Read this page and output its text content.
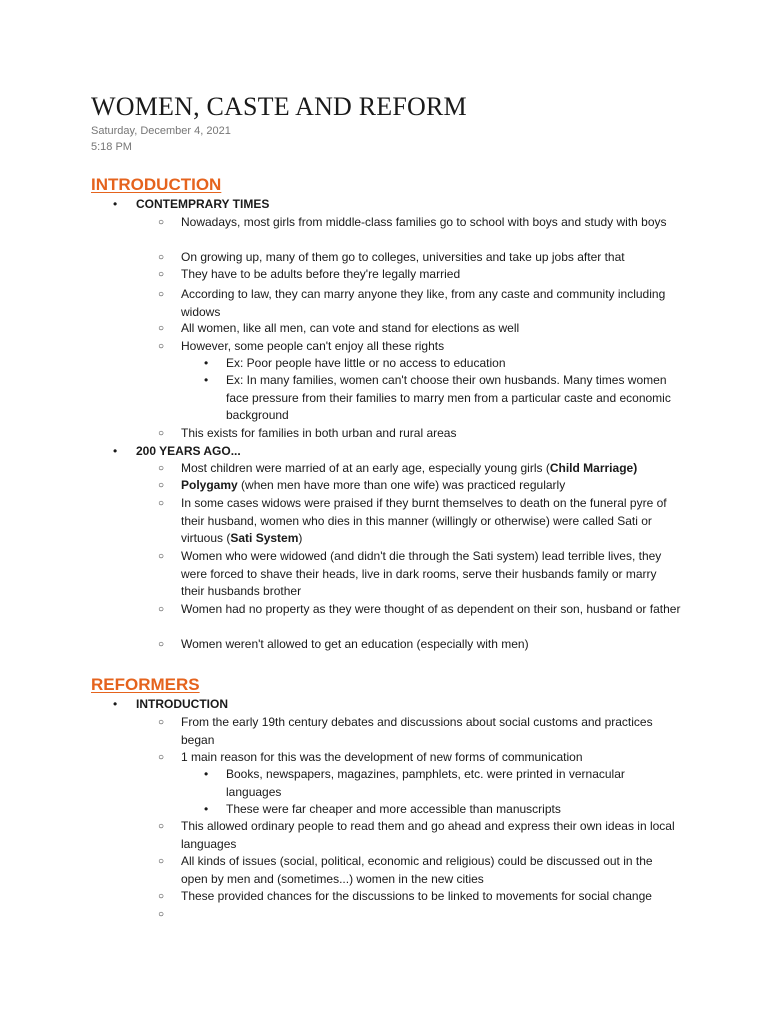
WOMEN, CASTE AND REFORM
Saturday, December 4, 2021
5:18 PM
INTRODUCTION
• CONTEMPRARY TIMES
○ Nowadays, most girls from middle-class families go to school with boys and study with boys
○ On growing up, many of them go to colleges, universities and take up jobs after that
○ They have to be adults before they're legally married
○ According to law, they can marry anyone they like, from any caste and community including widows
○ All women, like all men, can vote and stand for elections as well
○ However, some people can't enjoy all these rights
• Ex: Poor people have little or no access to education
• Ex: In many families, women can't choose their own husbands. Many times women face pressure from their families to marry men from a particular caste and economic background
○ This exists for families in both urban and rural areas
• 200 YEARS AGO...
○ Most children were married of at an early age, especially young girls (Child Marriage)
○ Polygamy (when men have more than one wife) was practiced regularly
○ In some cases widows were praised if they burnt themselves to death on the funeral pyre of their husband, women who dies in this manner (willingly or otherwise) were called Sati or virtuous (Sati System)
○ Women who were widowed (and didn't die through the Sati system) lead terrible lives, they were forced to shave their heads, live in dark rooms, serve their husbands family or marry their husbands brother
○ Women had no property as they were thought of as dependent on their son, husband or father
○ Women weren't allowed to get an education (especially with men)
REFORMERS
• INTRODUCTION
○ From the early 19th century debates and discussions about social customs and practices began
○ 1 main reason for this was the development of new forms of communication
• Books, newspapers, magazines, pamphlets, etc. were printed in vernacular languages
• These were far cheaper and more accessible than manuscripts
○ This allowed ordinary people to read them and go ahead and express their own ideas in local languages
○ All kinds of issues (social, political, economic and religious) could be discussed out in the open by men and (sometimes...) women in the new cities
○ These provided chances for the discussions to be linked to movements for social change
○
